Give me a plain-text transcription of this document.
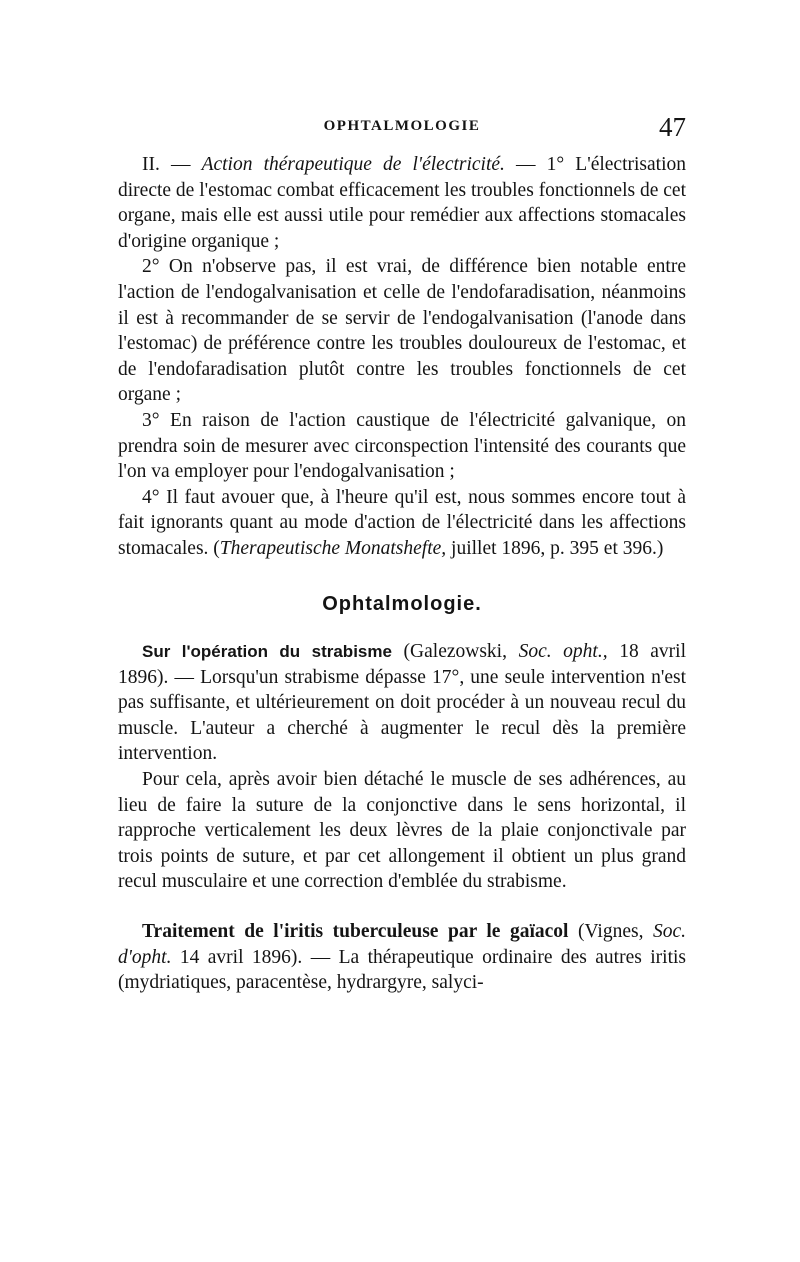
OPHTALMOLOGIE	47

II. — Action thérapeutique de l'électricité. — 1° L'électrisation directe de l'estomac combat efficacement les troubles fonctionnels de cet organe, mais elle est aussi utile pour remédier aux affections stomacales d'origine organique ;

2° On n'observe pas, il est vrai, de différence bien notable entre l'action de l'endogalvanisation et celle de l'endofaradisation, néanmoins il est à recommander de se servir de l'endogalvanisation (l'anode dans l'estomac) de préférence contre les troubles douloureux de l'estomac, et de l'endofaradisation plutôt contre les troubles fonctionnels de cet organe ;

3° En raison de l'action caustique de l'électricité galvanique, on prendra soin de mesurer avec circonspection l'intensité des courants que l'on va employer pour l'endogalvanisation ;

4° Il faut avouer que, à l'heure qu'il est, nous sommes encore tout à fait ignorants quant au mode d'action de l'électricité dans les affections stomacales. (Therapeutische Monatshefte, juillet 1896, p. 395 et 396.)

Ophtalmologie.

Sur l'opération du strabisme (Galezowski, Soc. opht., 18 avril 1896). — Lorsqu'un strabisme dépasse 17°, une seule intervention n'est pas suffisante, et ultérieurement on doit procéder à un nouveau recul du muscle. L'auteur a cherché à augmenter le recul dès la première intervention.

Pour cela, après avoir bien détaché le muscle de ses adhérences, au lieu de faire la suture de la conjonctive dans le sens horizontal, il rapproche verticalement les deux lèvres de la plaie conjonctivale par trois points de suture, et par cet allongement il obtient un plus grand recul musculaire et une correction d'emblée du strabisme.

Traitement de l'iritis tuberculeuse par le gaïacol (Vignes, Soc. d'opht. 14 avril 1896). — La thérapeutique ordinaire des autres iritis (mydriatiques, paracentèse, hydrargyre, salyci-
